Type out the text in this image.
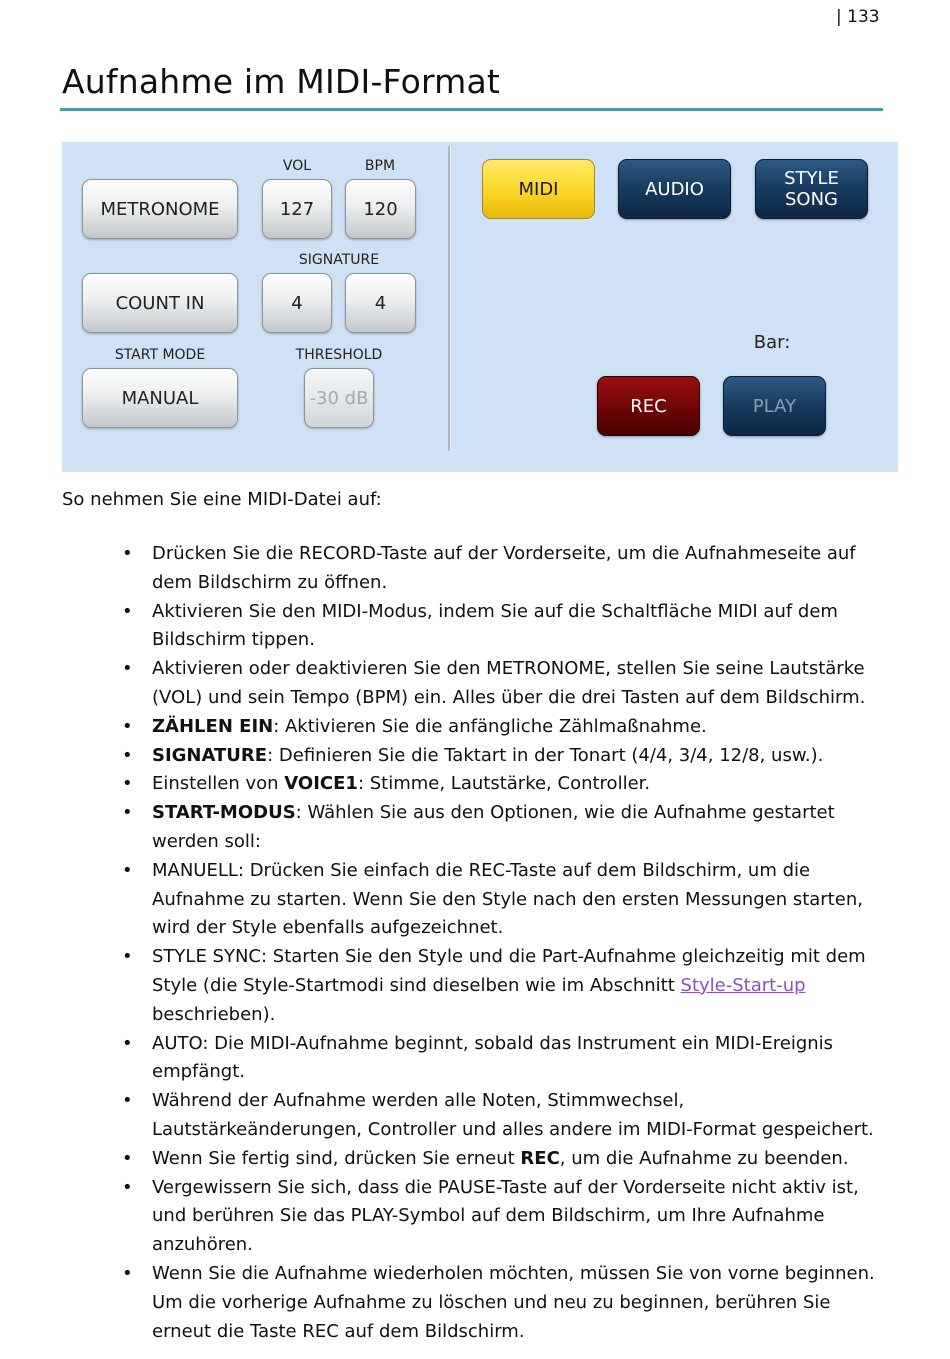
| 133
Aufnahme im MIDI-Format
VOL	BPM
SIGNATURE
START MODE	THRESHOLD
Bar:
METRONOME	127	120
COUNT IN	4	4
MANUAL	-30 dB
MIDI	AUDIO	STYLE
SONG
REC	PLAY

So nehmen Sie eine MIDI-Datei auf:

• Drücken Sie die RECORD-Taste auf der Vorderseite, um die Aufnahmeseite auf dem Bildschirm zu öffnen.
• Aktivieren Sie den MIDI-Modus, indem Sie auf die Schaltfläche MIDI auf dem Bildschirm tippen.
• Aktivieren oder deaktivieren Sie den METRONOME, stellen Sie seine Lautstärke (VOL) und sein Tempo (BPM) ein. Alles über die drei Tasten auf dem Bildschirm.
• ZÄHLEN EIN: Aktivieren Sie die anfängliche Zählmaßnahme.
• SIGNATURE: Definieren Sie die Taktart in der Tonart (4/4, 3/4, 12/8, usw.).
• Einstellen von VOICE1: Stimme, Lautstärke, Controller.
• START-MODUS: Wählen Sie aus den Optionen, wie die Aufnahme gestartet werden soll:
• MANUELL: Drücken Sie einfach die REC-Taste auf dem Bildschirm, um die Aufnahme zu starten. Wenn Sie den Style nach den ersten Messungen starten, wird der Style ebenfalls aufgezeichnet.
• STYLE SYNC: Starten Sie den Style und die Part-Aufnahme gleichzeitig mit dem Style (die Style-Startmodi sind dieselben wie im Abschnitt Style-Start-up beschrieben).
• AUTO: Die MIDI-Aufnahme beginnt, sobald das Instrument ein MIDI-Ereignis empfängt.
• Während der Aufnahme werden alle Noten, Stimmwechsel, Lautstärkeänderungen, Controller und alles andere im MIDI-Format gespeichert.
• Wenn Sie fertig sind, drücken Sie erneut REC, um die Aufnahme zu beenden.
• Vergewissern Sie sich, dass die PAUSE-Taste auf der Vorderseite nicht aktiv ist, und berühren Sie das PLAY-Symbol auf dem Bildschirm, um Ihre Aufnahme anzuhören.
• Wenn Sie die Aufnahme wiederholen möchten, müssen Sie von vorne beginnen. Um die vorherige Aufnahme zu löschen und neu zu beginnen, berühren Sie erneut die Taste REC auf dem Bildschirm.
